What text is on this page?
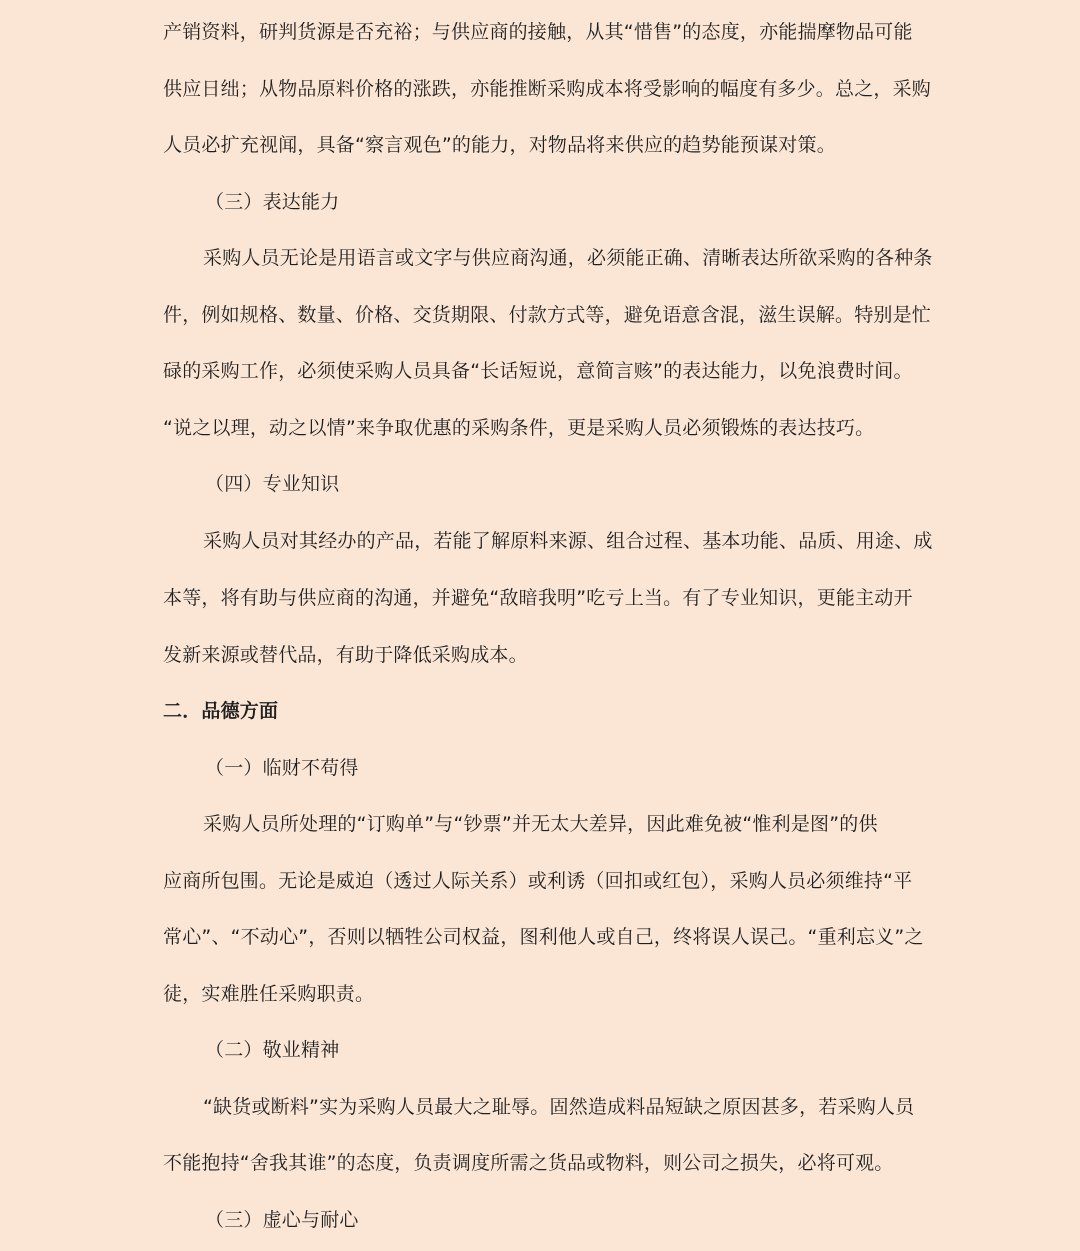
产销资料，研判货源是否充裕；与供应商的接触，从其“惜售”的态度，亦能揣摩物品可能
供应日绌；从物品原料价格的涨跌，亦能推断采购成本将受影响的幅度有多少。总之，采购
人员必扩充视闻，具备“察言观色”的能力，对物品将来供应的趋势能预谋对策。
（三）表达能力
采购人员无论是用语言或文字与供应商沟通，必须能正确、清晰表达所欲采购的各种条
件，例如规格、数量、价格、交货期限、付款方式等，避免语意含混，滋生误解。特别是忙
碌的采购工作，必须使采购人员具备“长话短说，意简言赅”的表达能力，以免浪费时间。
“说之以理，动之以情”来争取优惠的采购条件，更是采购人员必须锻炼的表达技巧。
（四）专业知识
采购人员对其经办的产品，若能了解原料来源、组合过程、基本功能、品质、用途、成
本等，将有助与供应商的沟通，并避免“敌暗我明”吃亏上当。有了专业知识，更能主动开
发新来源或替代品，有助于降低采购成本。
二．品德方面
（一）临财不苟得
采购人员所处理的“订购单”与“钞票”并无太大差异，因此难免被“惟利是图”的供
应商所包围。无论是威迫（透过人际关系）或利诱（回扣或红包），采购人员必须维持“平
常心”、“不动心”，否则以牺牲公司权益，图利他人或自己，终将误人误己。“重利忘义”之
徒，实难胜任采购职责。
（二）敬业精神
“缺货或断料”实为采购人员最大之耻辱。固然造成料品短缺之原因甚多，若采购人员
不能抱持“舍我其谁”的态度，负责调度所需之货品或物料，则公司之损失，必将可观。
（三）虚心与耐心
